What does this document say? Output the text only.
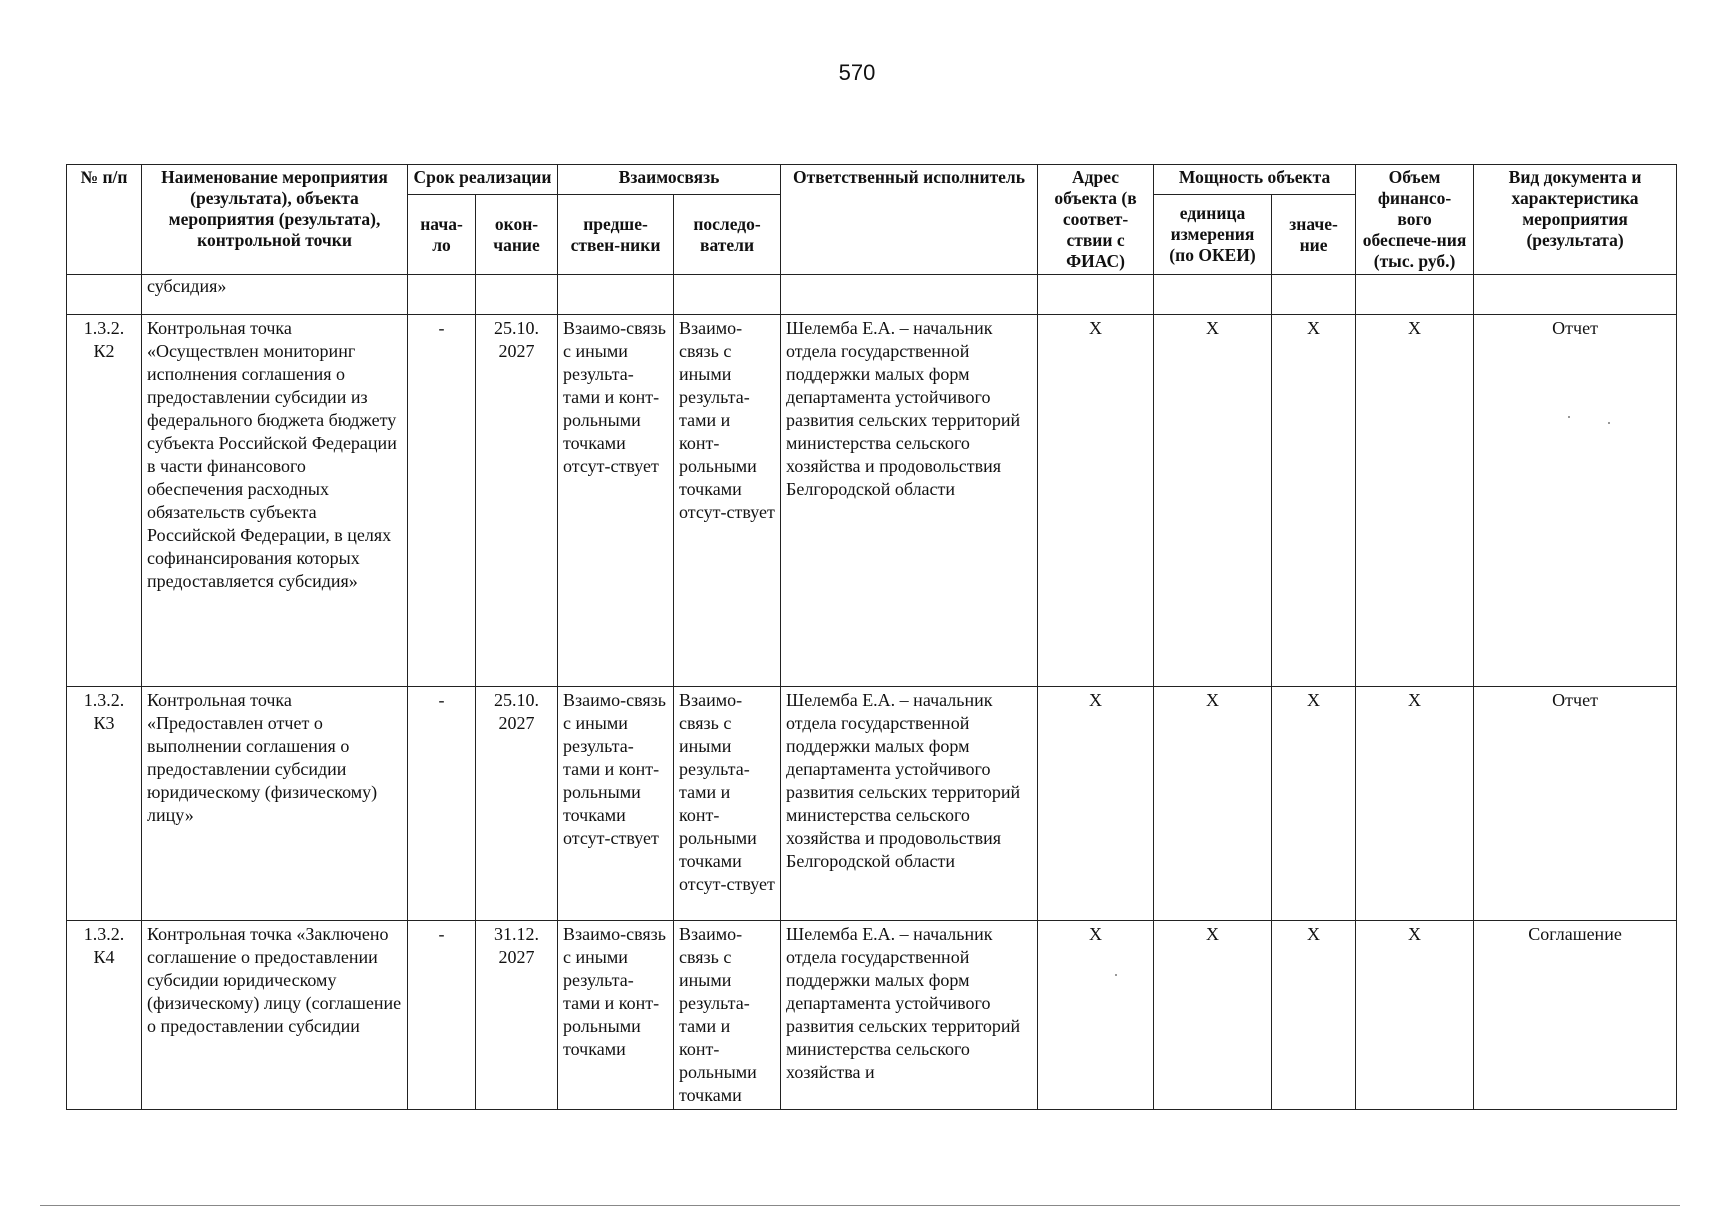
570
№ п/п	Наименование мероприятия (результата), объекта мероприятия (результата), контрольной точки	Срок реализации		Взаимосвязь		Ответственный исполнитель	Адрес объекта (в соответ-ствии с ФИАС)	Мощность объекта		Объем финансо-вого обеспече-ния (тыс. руб.)	Вид документа и характеристика мероприятия (результата)
		нача-ло	окон-чание	предше-ствен-ники	последо-ватели			единица измерения (по ОКЕИ)	значе-ние		
	субсидия»										
1.3.2. К2	Контрольная точка «Осуществлен мониторинг исполнения соглашения о предоставлении субсидии из федерального бюджета бюджету субъекта Российской Федерации в части финансового обеспечения расходных обязательств субъекта Российской Федерации, в целях софинансирования которых предоставляется субсидия»	-	25.10. 2027	Взаимо-связь с иными результа-тами и конт-рольными точками отсут-ствует	Взаимо-связь с иными результа-тами и конт-рольными точками отсут-ствует	Шелемба Е.А. – начальник отдела государственной поддержки малых форм департамента устойчивого развития сельских территорий министерства сельского хозяйства и продовольствия Белгородской области	X	X	X	X	Отчет
1.3.2. К3	Контрольная точка «Предоставлен отчет о выполнении соглашения о предоставлении субсидии юридическому (физическому) лицу»	-	25.10. 2027	Взаимо-связь с иными результа-тами и конт-рольными точками отсут-ствует	Взаимо-связь с иными результа-тами и конт-рольными точками отсут-ствует	Шелемба Е.А. – начальник отдела государственной поддержки малых форм департамента устойчивого развития сельских территорий министерства сельского хозяйства и продовольствия Белгородской области	X	X	X	X	Отчет
1.3.2. К4	Контрольная точка «Заключено соглашение о предоставлении субсидии юридическому (физическому) лицу (соглашение о предоставлении субсидии	-	31.12. 2027	Взаимо-связь с иными результа-тами и конт-рольными точками	Взаимо-связь с иными результа-тами и конт-рольными точками	Шелемба Е.А. – начальник отдела государственной поддержки малых форм департамента устойчивого развития сельских территорий министерства сельского хозяйства и	X	X	X	X	Соглашение
